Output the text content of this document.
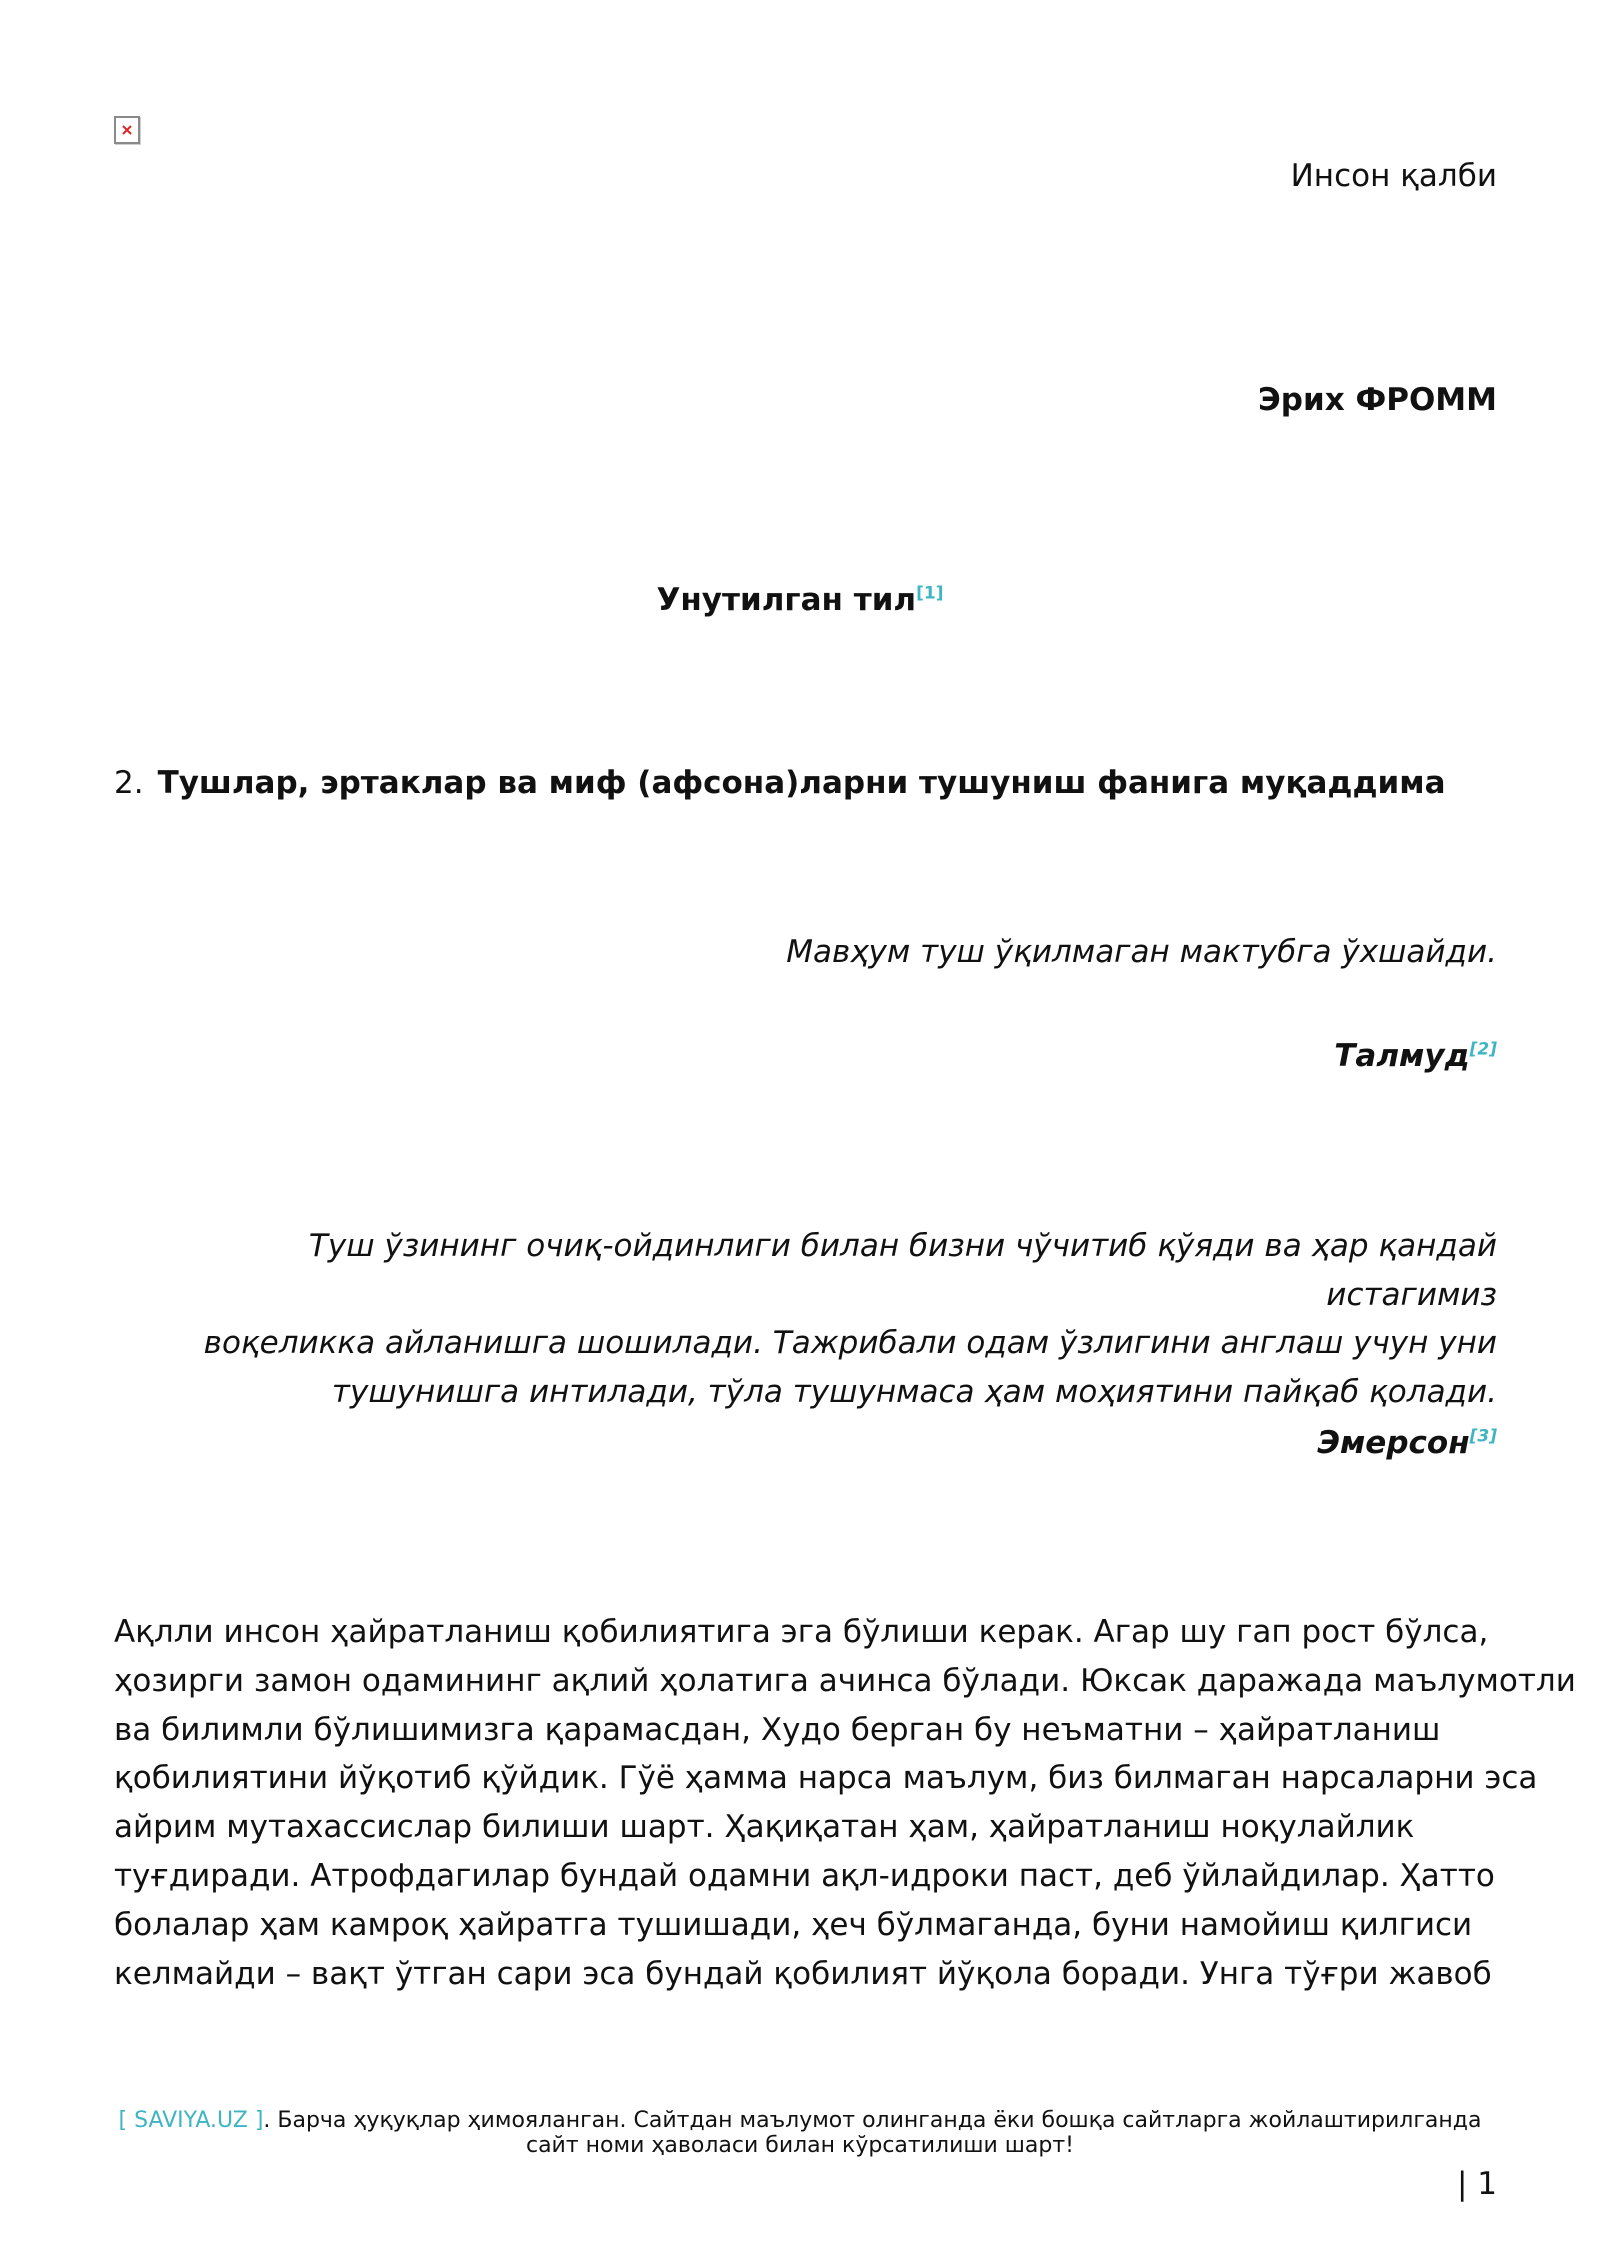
Инсон қалби
Эрих ФРОММ
Унутилган тил[1]
2. Тушлар, эртаклар ва миф (афсона)ларни тушуниш фанига муқаддима
Мавҳум туш ўқилмаган мактубга ўхшайди.
Талмуд[2]
Туш ўзининг очиқ-ойдинлиги билан бизни чўчитиб қўяди ва ҳар қандай истагимиз
воқеликка айланишга шошилади. Тажрибали одам ўзлигини англаш учун уни
тушунишга интилади, тўла тушунмаса ҳам моҳиятини пайқаб қолади.
Эмерсон[3]
Ақлли инсон ҳайратланиш қобилиятига эга бўлиши керак. Агар шу гап рост бўлса,
ҳозирги замон одамининг ақлий ҳолатига ачинса бўлади. Юксак даражада маълумотли
ва билимли бўлишимизга қарамасдан, Худо берган бу неъматни – ҳайратланиш
қобилиятини йўқотиб қўйдик. Гўё ҳамма нарса маълум, биз билмаган нарсаларни эса
айрим мутахассислар билиши шарт. Ҳақиқатан ҳам, ҳайратланиш ноқулайлик
туғдиради. Атрофдагилар бундай одамни ақл-идроки паст, деб ўйлайдилар. Ҳатто
болалар ҳам камроқ ҳайратга тушишади, ҳеч бўлмаганда, буни намойиш қилгиси
келмайди – вақт ўтган сари эса бундай қобилият йўқола боради. Унга тўғри жавоб
[ SAVIYA.UZ ]. Барча ҳуқуқлар ҳимояланган. Сайтдан маълумот олинганда ёки бошқа сайтларга жойлаштирилганда
сайт номи ҳаволаси билан кўрсатилиши шарт!
| 1
